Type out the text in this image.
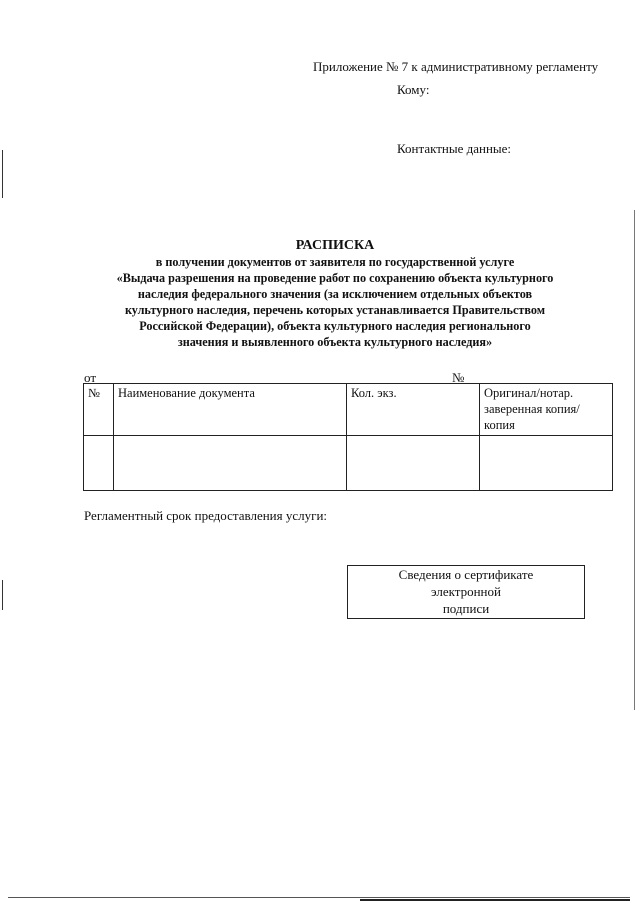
Приложение № 7 к административному регламенту
Кому:
Контактные данные:
РАСПИСКА
в получении документов от заявителя по государственной услуге
«Выдача разрешения на проведение работ по сохранению объекта культурного
наследия федерального значения (за исключением отдельных объектов
культурного наследия, перечень которых устанавливается Правительством
Российской Федерации), объекта культурного наследия регионального
значения и выявленного объекта культурного наследия»
от	№
№	Наименование документа	Кол. экз.	Оригинал/нотар. заверенная копия/копия

Регламентный срок предоставления услуги:
Сведения о сертификате
электронной
подписи
